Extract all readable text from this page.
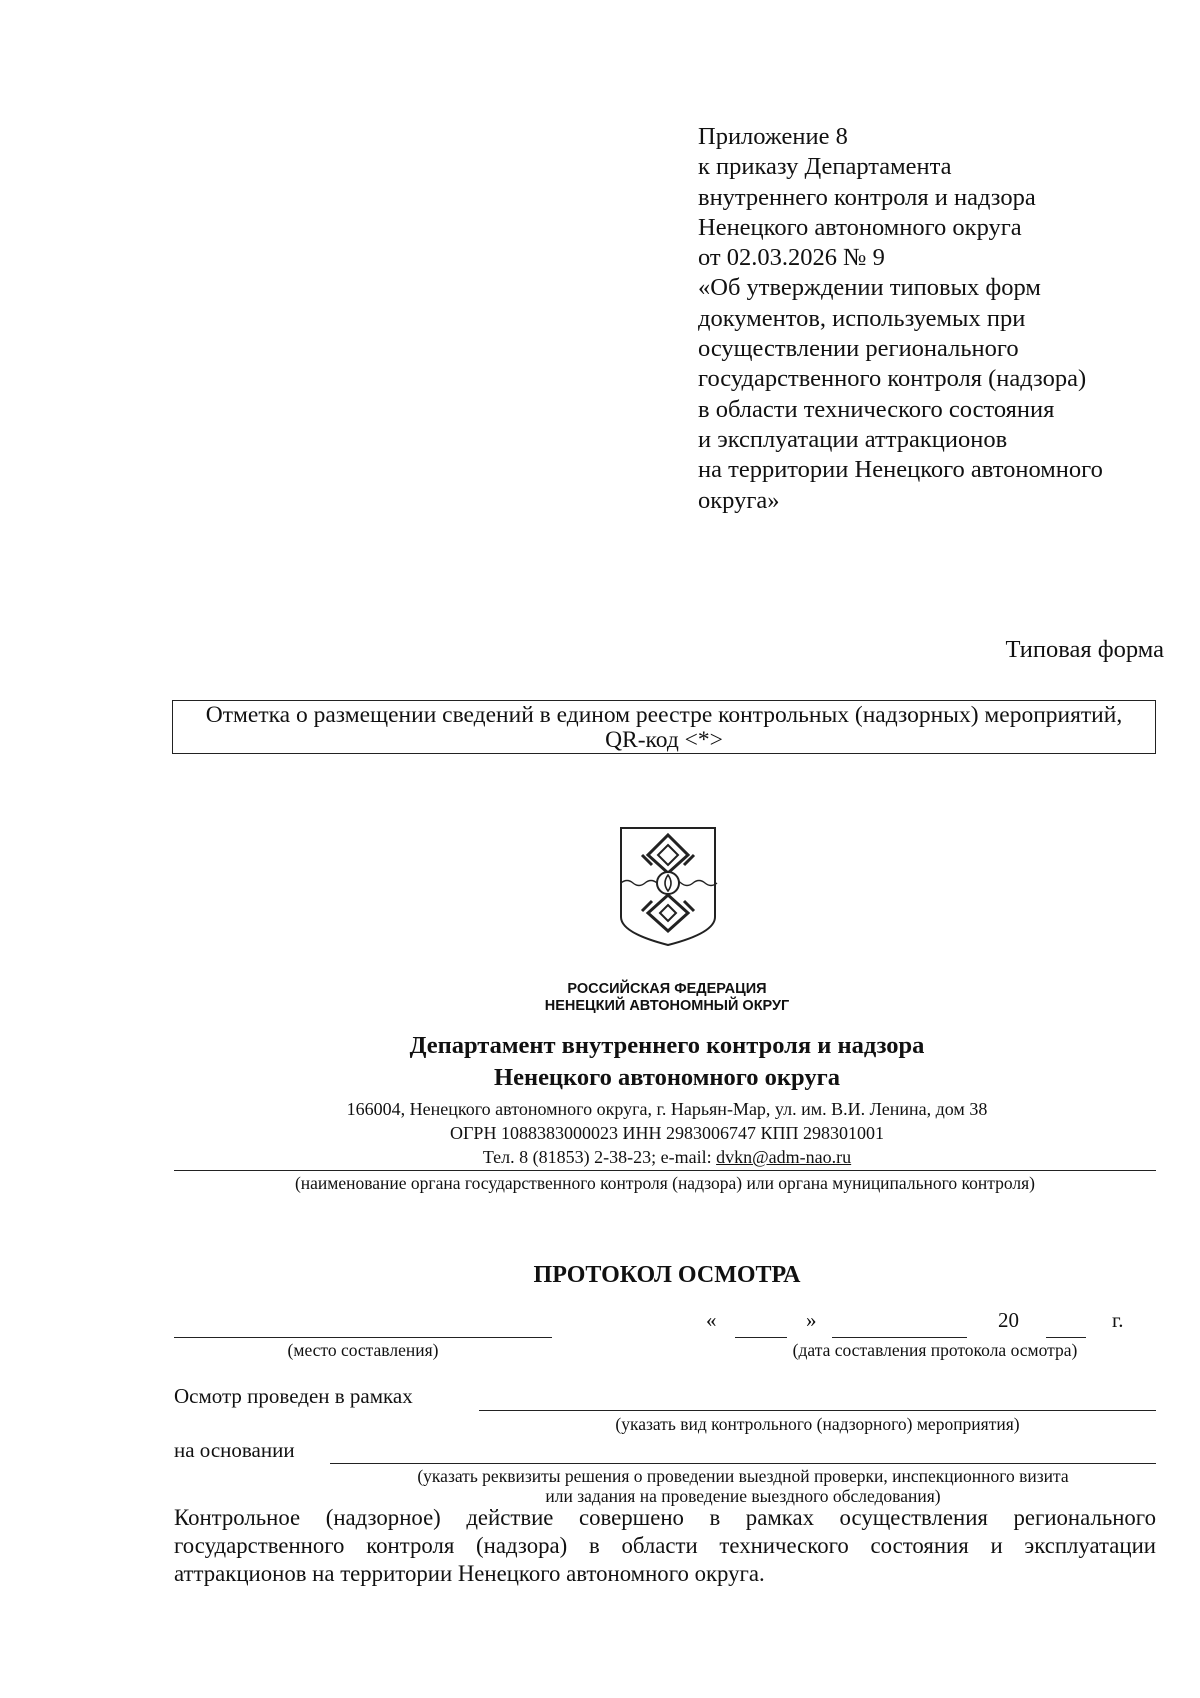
Приложение 8
к приказу Департамента
внутреннего контроля и надзора
Ненецкого автономного округа
от 02.03.2026 № 9
«Об утверждении типовых форм
документов, используемых при
осуществлении регионального
государственного контроля (надзора)
в области технического состояния
и эксплуатации аттракционов
на территории Ненецкого автономного
округа»
Типовая форма
Отметка о размещении сведений в едином реестре контрольных (надзорных) мероприятий,
QR-код <*>
РОССИЙСКАЯ ФЕДЕРАЦИЯ
НЕНЕЦКИЙ АВТОНОМНЫЙ ОКРУГ
Департамент внутреннего контроля и надзора
Ненецкого автономного округа
166004, Ненецкого автономного округа, г. Нарьян-Мар, ул. им. В.И. Ленина, дом 38
ОГРН 1088383000023 ИНН 2983006747 КПП 298301001
Тел. 8 (81853) 2-38-23; e-mail: dvkn@adm-nao.ru
(наименование органа государственного контроля (надзора) или органа муниципального контроля)
ПРОТОКОЛ ОСМОТРА
(место составления)
«	»	20	г.
(дата составления протокола осмотра)
Осмотр проведен в рамках
(указать вид контрольного (надзорного) мероприятия)
на основании
(указать реквизиты решения о проведении выездной проверки, инспекционного визита
или задания на проведение выездного обследования)
Контрольное (надзорное) действие совершено в рамках осуществления регионального государственного контроля (надзора) в области технического состояния и эксплуатации аттракционов на территории Ненецкого автономного округа.
